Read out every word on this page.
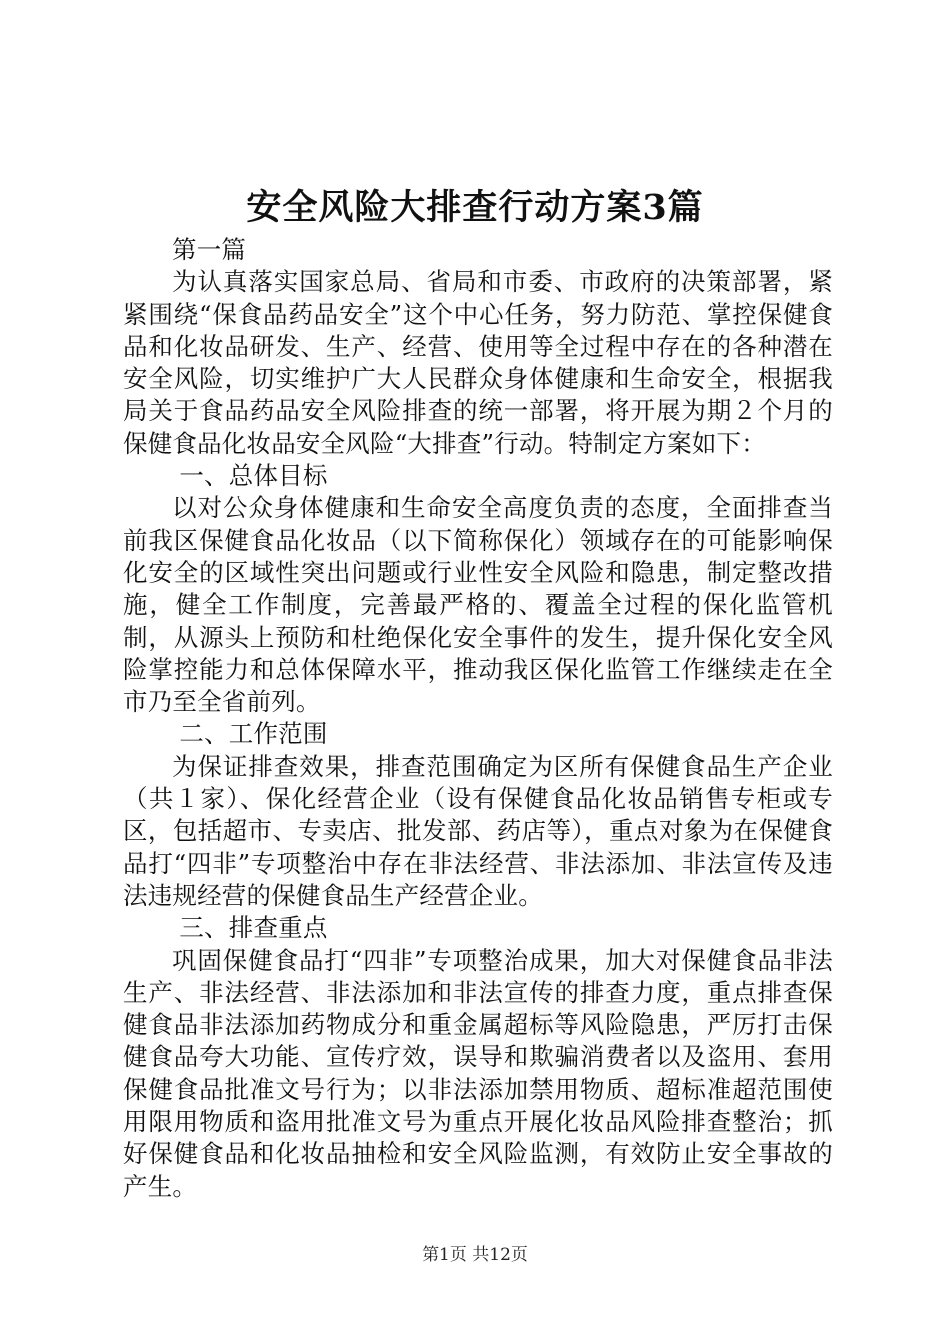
安全风险大排查行动方案3篇

第一篇

为认真落实国家总局、省局和市委、市政府的决策部署，紧紧围绕“保食品药品安全”这个中心任务，努力防范、掌控保健食品和化妆品研发、生产、经营、使用等全过程中存在的各种潜在安全风险，切实维护广大人民群众身体健康和生命安全，根据我局关于食品药品安全风险排查的统一部署，将开展为期２个月的保健食品化妆品安全风险“大排查”行动。特制定方案如下：

一、总体目标

以对公众身体健康和生命安全高度负责的态度，全面排查当前我区保健食品化妆品（以下简称保化）领域存在的可能影响保化安全的区域性突出问题或行业性安全风险和隐患，制定整改措施，健全工作制度，完善最严格的、覆盖全过程的保化监管机制，从源头上预防和杜绝保化安全事件的发生，提升保化安全风险掌控能力和总体保障水平，推动我区保化监管工作继续走在全市乃至全省前列。

二、工作范围

为保证排查效果，排查范围确定为区所有保健食品生产企业（共１家）、保化经营企业（设有保健食品化妆品销售专柜或专区，包括超市、专卖店、批发部、药店等），重点对象为在保健食品打“四非”专项整治中存在非法经营、非法添加、非法宣传及违法违规经营的保健食品生产经营企业。

三、排查重点

巩固保健食品打“四非”专项整治成果，加大对保健食品非法生产、非法经营、非法添加和非法宣传的排查力度，重点排查保健食品非法添加药物成分和重金属超标等风险隐患，严厉打击保健食品夸大功能、宣传疗效，误导和欺骗消费者以及盗用、套用保健食品批准文号行为；以非法添加禁用物质、超标准超范围使用限用物质和盗用批准文号为重点开展化妆品风险排查整治；抓好保健食品和化妆品抽检和安全风险监测，有效防止安全事故的产生。

第1页 共12页
